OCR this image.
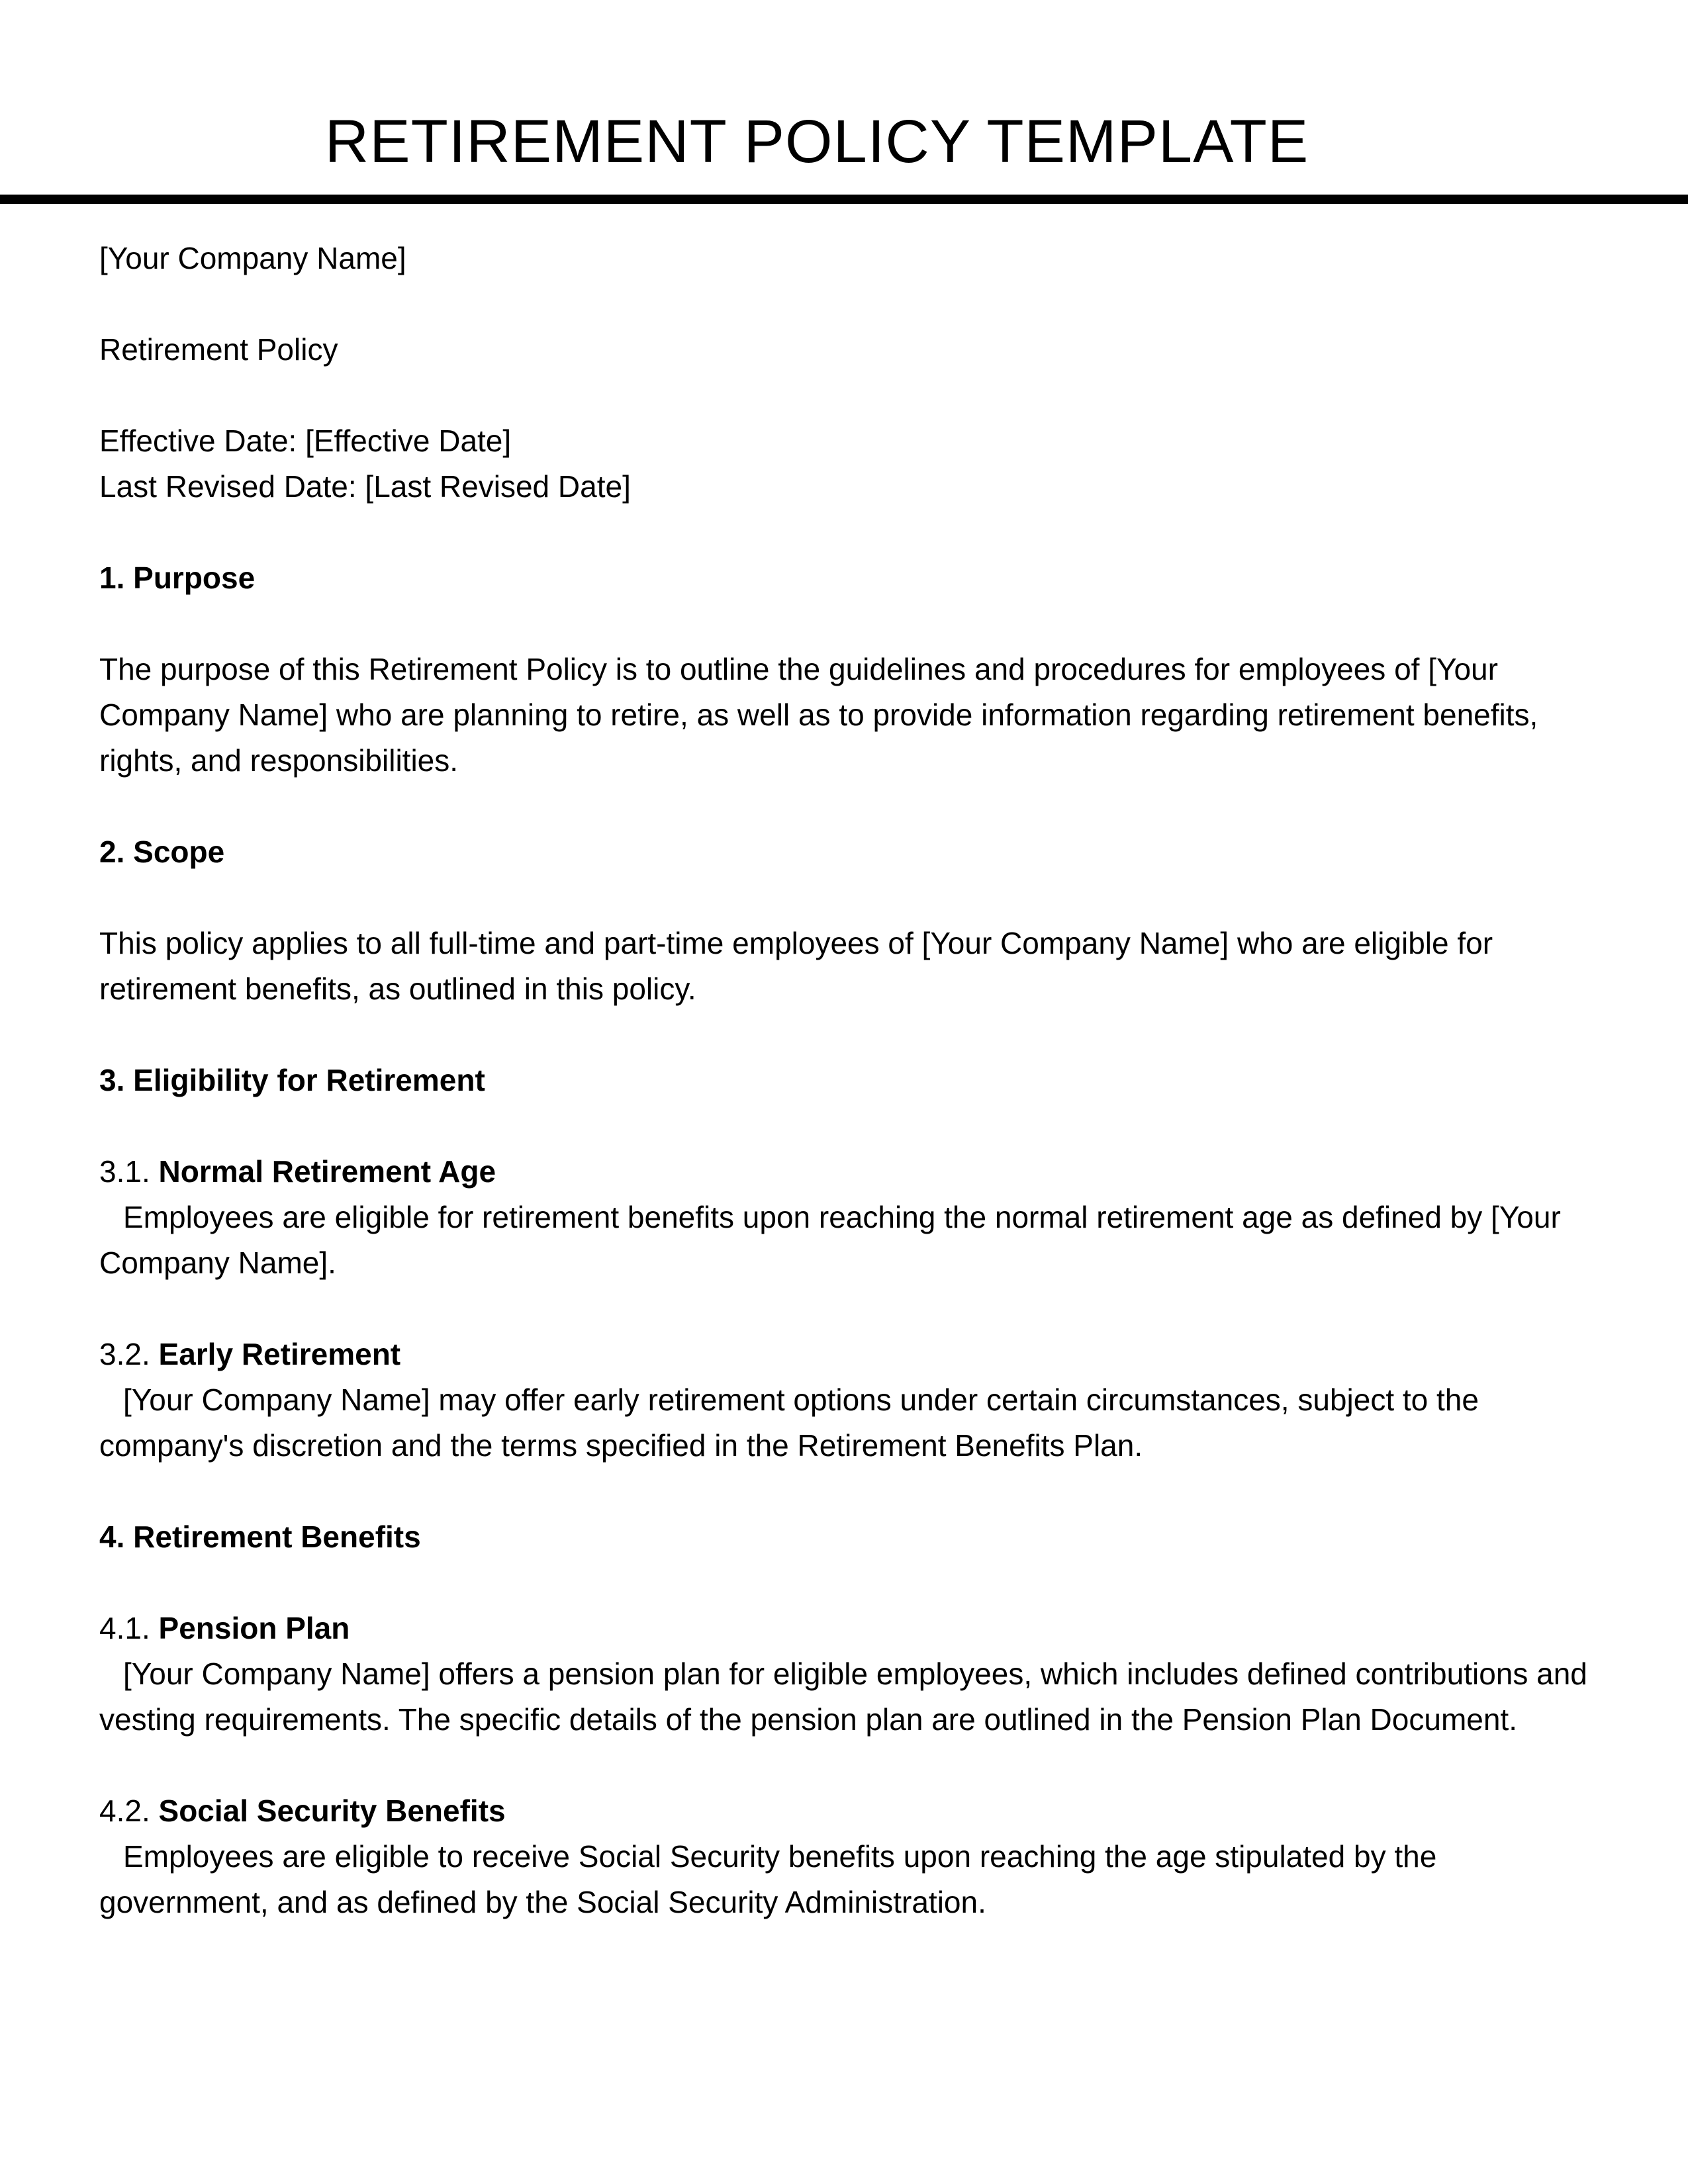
RETIREMENT POLICY TEMPLATE

[Your Company Name]

Retirement Policy

Effective Date: [Effective Date]

Last Revised Date: [Last Revised Date]

1. Purpose

The purpose of this Retirement Policy is to outline the guidelines and procedures for employees of [Your Company Name] who are planning to retire, as well as to provide information regarding retirement benefits, rights, and responsibilities.

2. Scope

This policy applies to all full-time and part-time employees of [Your Company Name] who are eligible for retirement benefits, as outlined in this policy.

3. Eligibility for Retirement

3.1. Normal Retirement Age

Employees are eligible for retirement benefits upon reaching the normal retirement age as defined by [Your Company Name].

3.2. Early Retirement

[Your Company Name] may offer early retirement options under certain circumstances, subject to the company's discretion and the terms specified in the Retirement Benefits Plan.

4. Retirement Benefits

4.1. Pension Plan

[Your Company Name] offers a pension plan for eligible employees, which includes defined contributions and vesting requirements. The specific details of the pension plan are outlined in the Pension Plan Document.

4.2. Social Security Benefits

Employees are eligible to receive Social Security benefits upon reaching the age stipulated by the government, and as defined by the Social Security Administration.
